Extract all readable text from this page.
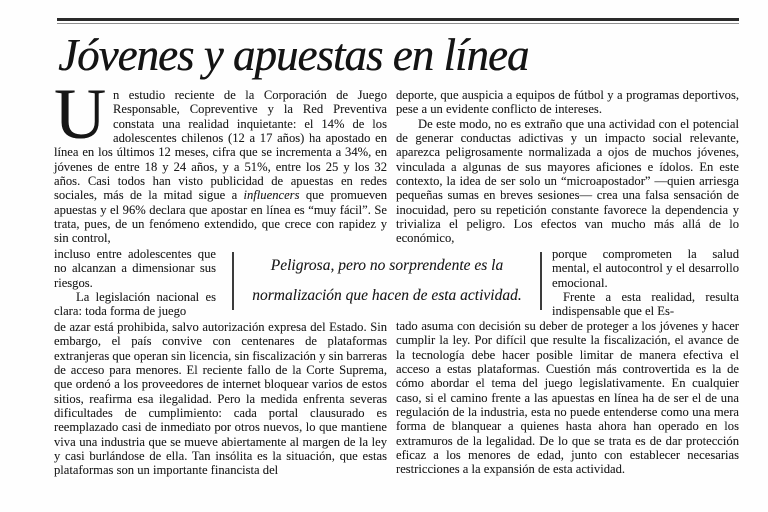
Jóvenes y apuestas en línea
Un estudio reciente de la Corporación de Juego Responsable, Copreventive y la Red Preventiva constata una realidad inquietante: el 14% de los adolescentes chilenos (12 a 17 años) ha apostado en línea en los últimos 12 meses, cifra que se incrementa a 34%, en jóvenes de entre 18 y 24 años, y a 51%, entre los 25 y los 32 años. Casi todos han visto publicidad de apuestas en redes sociales, más de la mitad sigue a influencers que promueven apuestas y el 96% declara que apostar en línea es “muy fácil”. Se trata, pues, de un fenómeno extendido, que crece con rapidez y sin control,

incluso entre adolescentes que no alcanzan a dimensionar sus riesgos.

La legislación nacional es clara: toda forma de juego

de azar está prohibida, salvo autorización expresa del Estado. Sin embargo, el país convive con centenares de plataformas extranjeras que operan sin licencia, sin fiscalización y sin barreras de acceso para menores. El reciente fallo de la Corte Suprema, que ordenó a los proveedores de internet bloquear varios de estos sitios, reafirma esa ilegalidad. Pero la medida enfrenta severas dificultades de cumplimiento: cada portal clausurado es reemplazado casi de inmediato por otros nuevos, lo que mantiene viva una industria que se mueve abiertamente al margen de la ley y casi burlándose de ella. Tan insólita es la situación, que estas plataformas son un importante financista del

deporte, que auspicia a equipos de fútbol y a programas deportivos, pese a un evidente conflicto de intereses.

De este modo, no es extraño que una actividad con el potencial de generar conductas adictivas y un impacto social relevante, aparezca peligrosamente normalizada a ojos de muchos jóvenes, vinculada a algunas de sus mayores aficiones e ídolos. En este contexto, la idea de ser solo un “microapostador” —quien arriesga pequeñas sumas en breves sesiones— crea una falsa sensación de inocuidad, pero su repetición constante favorece la dependencia y trivializa el peligro. Los efectos van mucho más allá de lo económico,

porque comprometen la salud mental, el autocontrol y el desarrollo emocional.

Frente a esta realidad, resulta indispensable que el Es-

tado asuma con decisión su deber de proteger a los jóvenes y hacer cumplir la ley. Por difícil que resulte la fiscalización, el avance de la tecnología debe hacer posible limitar de manera efectiva el acceso a estas plataformas. Cuestión más controvertida es la de cómo abordar el tema del juego legislativamente. En cualquier caso, si el camino frente a las apuestas en línea ha de ser el de una regulación de la industria, esta no puede entenderse como una mera forma de blanquear a quienes hasta ahora han operado en los extramuros de la legalidad. De lo que se trata es de dar protección eficaz a los menores de edad, junto con establecer necesarias restricciones a la expansión de esta actividad.

Peligrosa, pero no sorprendente es la
normalización que hacen de esta actividad.
